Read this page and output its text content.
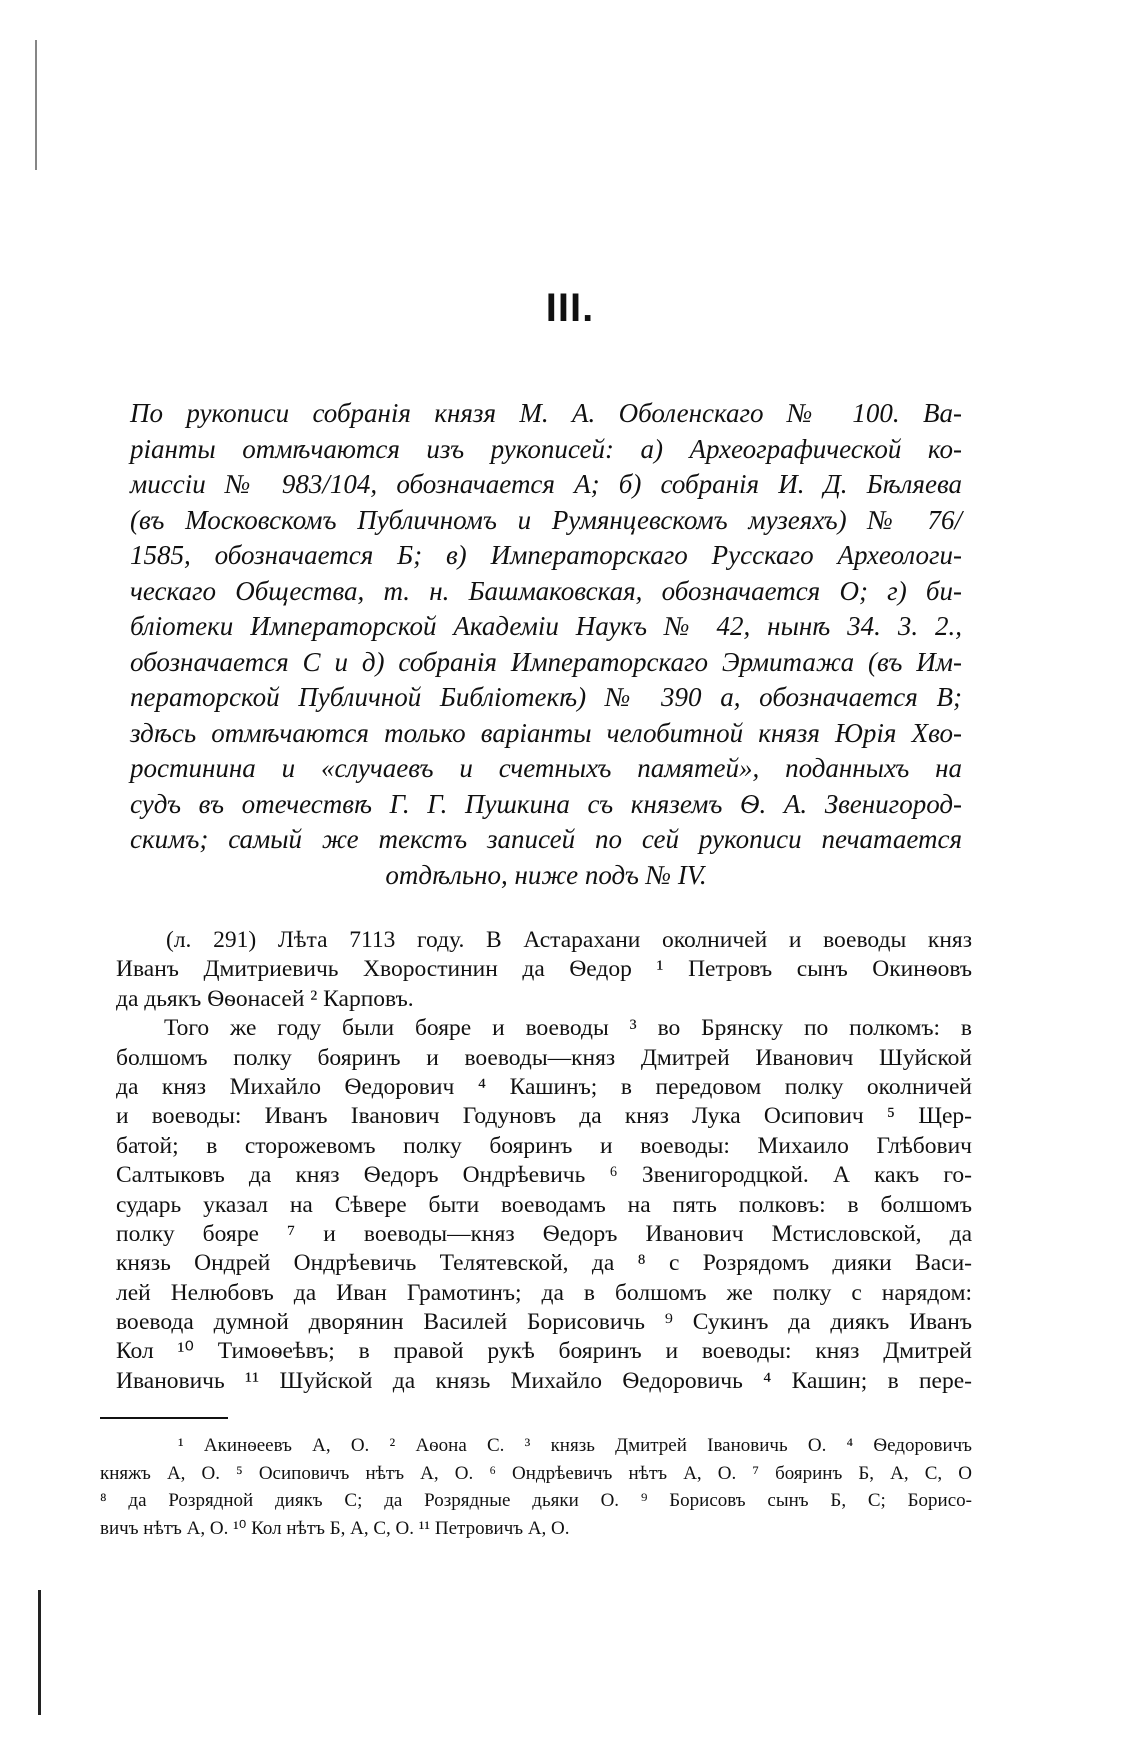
III.
По рукописи собранія князя М. А. Оболенскаго № 100. Ва-
ріанты отмѣчаются изъ рукописей: а) Археографической ко-
миссіи № 983/104, обозначается А; б) собранія И. Д. Бѣляева
(въ Московскомъ Публичномъ и Румянцевскомъ музеяхъ) № 76/
1585, обозначается Б; в) Императорскаго Русскаго Археологи-
ческаго Общества, т. н. Башмаковская, обозначается О; г) би-
бліотеки Императорской Академіи Наукъ № 42, нынѣ 34. 3. 2.,
обозначается С и д) собранія Императорскаго Эрмитажа (въ Им-
ператорской Публичной Библіотекѣ) № 390 а, обозначается В;
здѣсь отмѣчаются только варіанты челобитной князя Юрія Хво-
ростинина и «случаевъ и счетныхъ памятей», поданныхъ на
судъ въ отечествѣ Г. Г. Пушкина съ княземъ Ѳ. А. Звенигород-
скимъ; самый же текстъ записей по сей рукописи печатается
отдѣльно, ниже подъ № IV.
(л. 291) Лѣта 7113 году. В Астарахани околничей и воеводы княз
Иванъ Дмитриевичь Хворостинин да Ѳедор ¹ Петровъ сынъ Окинѳовъ
да дьякъ Ѳѳонасей ² Карповъ.
Того же году были бояре и воеводы ³ во Брянску по полкомъ: в
болшомъ полку бояринъ и воеводы—княз Дмитрей Иванович Шуйской
да княз Михайло Ѳедорович ⁴ Кашинъ; в передовом полку околничей
и воеводы: Иванъ Іванович Годуновъ да княз Лука Осипович ⁵ Щер-
батой; в сторожевомъ полку бояринъ и воеводы: Михаило Глѣбович
Салтыковъ да княз Ѳедоръ Ондрѣевичь ⁶ Звенигородцкой. А какъ го-
сударь указал на Сѣвере быти воеводамъ на пять полковъ: в болшомъ
полку бояре ⁷ и воеводы—княз Ѳедоръ Иванович Мстисловской, да
князь Ондрей Ондрѣевичь Телятевской, да ⁸ с Розрядомъ дияки Васи-
лей Нелюбовъ да Иван Грамотинъ; да в болшомъ же полку с нарядом:
воевода думной дворянин Василей Борисовичь ⁹ Сукинъ да диякъ Иванъ
Кол ¹⁰ Тимоѳеѣвъ; в правой рукѣ бояринъ и воеводы: княз Дмитрей
Ивановичь ¹¹ Шуйской да князь Михайло Ѳедоровичь ⁴ Кашин; в пере-
¹ Акинѳеевъ А, О. ² Аѳона С. ³ князь Дмитрей Івановичь О. ⁴ Ѳедоровичъ
княжъ А, О. ⁵ Осиповичъ нѣтъ А, О. ⁶ Ондрѣевичъ нѣтъ А, О. ⁷ бояринъ Б, А, С, О
⁸ да Розрядной диякъ С; да Розрядные дьяки О. ⁹ Борисовъ сынъ Б, С; Борисо-
вичъ нѣтъ А, О. ¹⁰ Кол нѣтъ Б, А, С, О. ¹¹ Петровичъ А, О.
